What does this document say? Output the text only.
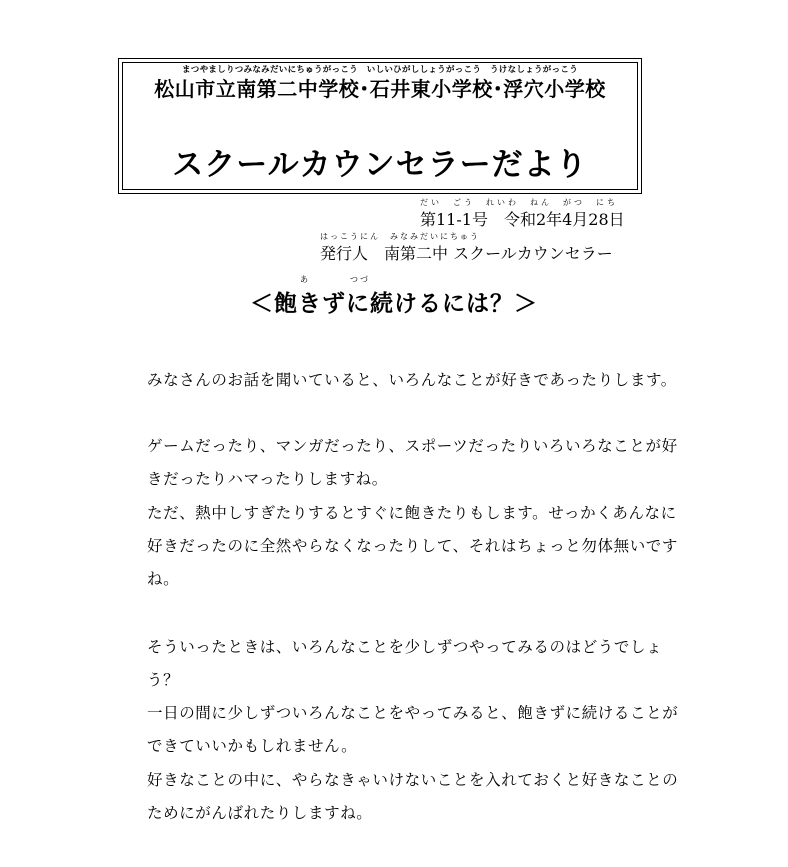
まつやましりつみなみだいにちゅうがっこう　いしいひがししょうがっこう　うけなしょうがっこう
松山市立南第二中学校･石井東小学校･浮穴小学校
スクールカウンセラーだより
だい　ごう　れいわ　ねん　がつ　にち
第11-1号　令和2年4月28日
はっこうにん　みなみだいにちゅう
発行人　南第二中 スクールカウンセラー
あ　　　　つづ
＜飽きずに続けるには？＞
みなさんのお話を聞いていると、いろんなことが好きであったりします。
ゲームだったり、マンガだったり、スポーツだったりいろいろなことが好きだったりハマったりしますね。
ただ、熱中しすぎたりするとすぐに飽きたりもします。せっかくあんなに好きだったのに全然やらなくなったりして、それはちょっと勿体無いですね。
そういったときは、いろんなことを少しずつやってみるのはどうでしょう？
一日の間に少しずついろんなことをやってみると、飽きずに続けることができていいかもしれません。
好きなことの中に、やらなきゃいけないことを入れておくと好きなことのためにがんばれたりしますね。
